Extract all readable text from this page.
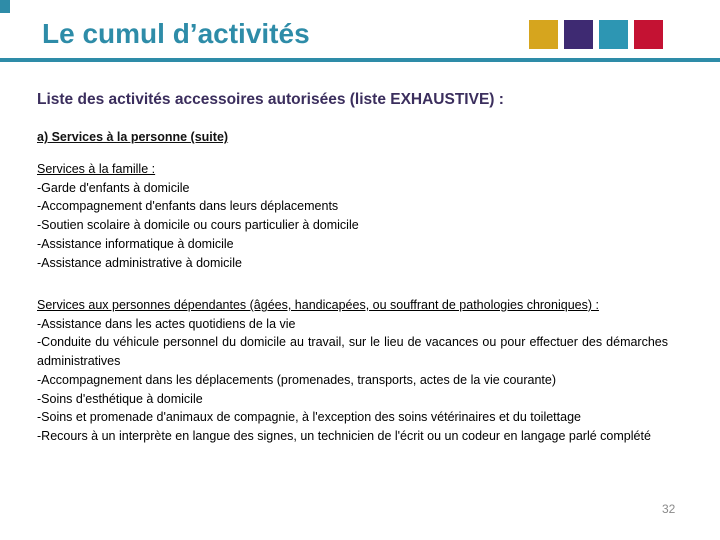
Le cumul d’activités
Liste des activités accessoires autorisées (liste EXHAUSTIVE) :
a) Services à la personne (suite)

Services à la famille :

-Garde d'enfants à domicile

-Accompagnement d'enfants dans leurs déplacements

-Soutien scolaire à domicile ou cours particulier à domicile

-Assistance informatique à domicile

-Assistance administrative à domicile

Services aux personnes dépendantes (âgées, handicapées, ou souffrant de pathologies chroniques) :

-Assistance dans les actes quotidiens de la vie

-Conduite du véhicule personnel du domicile au travail, sur le lieu de vacances ou pour effectuer des démarches administratives

-Accompagnement dans les déplacements (promenades, transports, actes de la vie courante)

-Soins d'esthétique à domicile

-Soins et promenade d'animaux de compagnie, à l'exception des soins vétérinaires et du toilettage

-Recours à un interprète en langue des signes, un technicien de l'écrit ou un codeur en langage parlé complété

32
